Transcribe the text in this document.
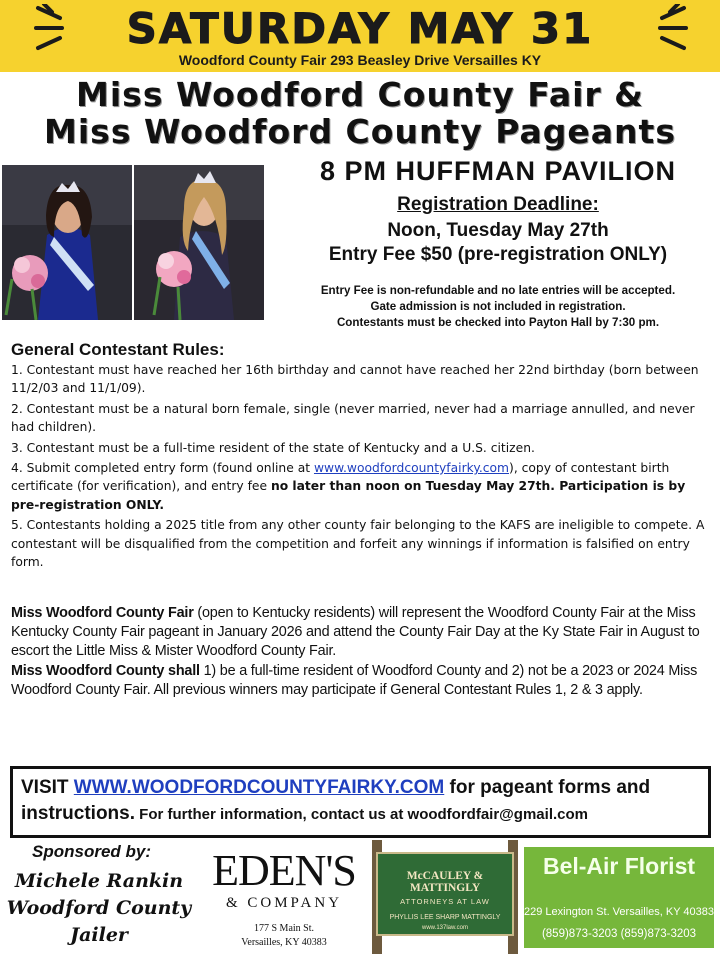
SATURDAY MAY 31
Woodford County Fair 293 Beasley Drive Versailles KY
Miss Woodford County Fair &
Miss Woodford County Pageants
8 PM HUFFMAN PAVILION
Registration Deadline:
Noon, Tuesday May 27th
Entry Fee $50 (pre-registration ONLY)
Entry Fee is non-refundable and no late entries will be accepted.
Gate admission is not included in registration.
Contestants must be checked into Payton Hall by 7:30 pm.
General Contestant Rules:

1. Contestant must have reached her 16th birthday and cannot have reached her 22nd birthday (born between 11/2/03 and 11/1/09).

2. Contestant must be a natural born female, single (never married, never had a marriage annulled, and never had children).

3. Contestant must be a full-time resident of the state of Kentucky and a U.S. citizen.

4. Submit completed entry form (found online at www.woodfordcountyfairky.com), copy of contestant birth certificate (for verification), and entry fee no later than noon on Tuesday May 27th. Participation is by pre-registration ONLY.

5. Contestants holding a 2025 title from any other county fair belonging to the KAFS are ineligible to compete. A contestant will be disqualified from the competition and forfeit any winnings if information is falsified on entry form.

Miss Woodford County Fair (open to Kentucky residents) will represent the Woodford County Fair at the Miss Kentucky County Fair pageant in January 2026 and attend the County Fair Day at the Ky State Fair in August to escort the Little Miss & Mister Woodford County Fair.

Miss Woodford County shall 1) be a full-time resident of Woodford County and 2) not be a 2023 or 2024 Miss Woodford County Fair. All previous winners may participate if General Contestant Rules 1, 2 & 3 apply.

VISIT WWW.WOODFORDCOUNTYFAIRKY.COM for pageant forms and
instructions. For further information, contact us at woodfordfair@gmail.com
Sponsored by:
Michele Rankin
Woodford County
Jailer
EDEN'S
& COMPANY
177 S Main St.
Versailles, KY 40383
McCAULEY & MATTINGLY
ATTORNEYS AT LAW
PHYLLIS LEE SHARP MATTINGLY
www.137law.com
Bel-Air Florist
229 Lexington St. Versailles, KY 40383
(859)873-3203 (859)873-3203
